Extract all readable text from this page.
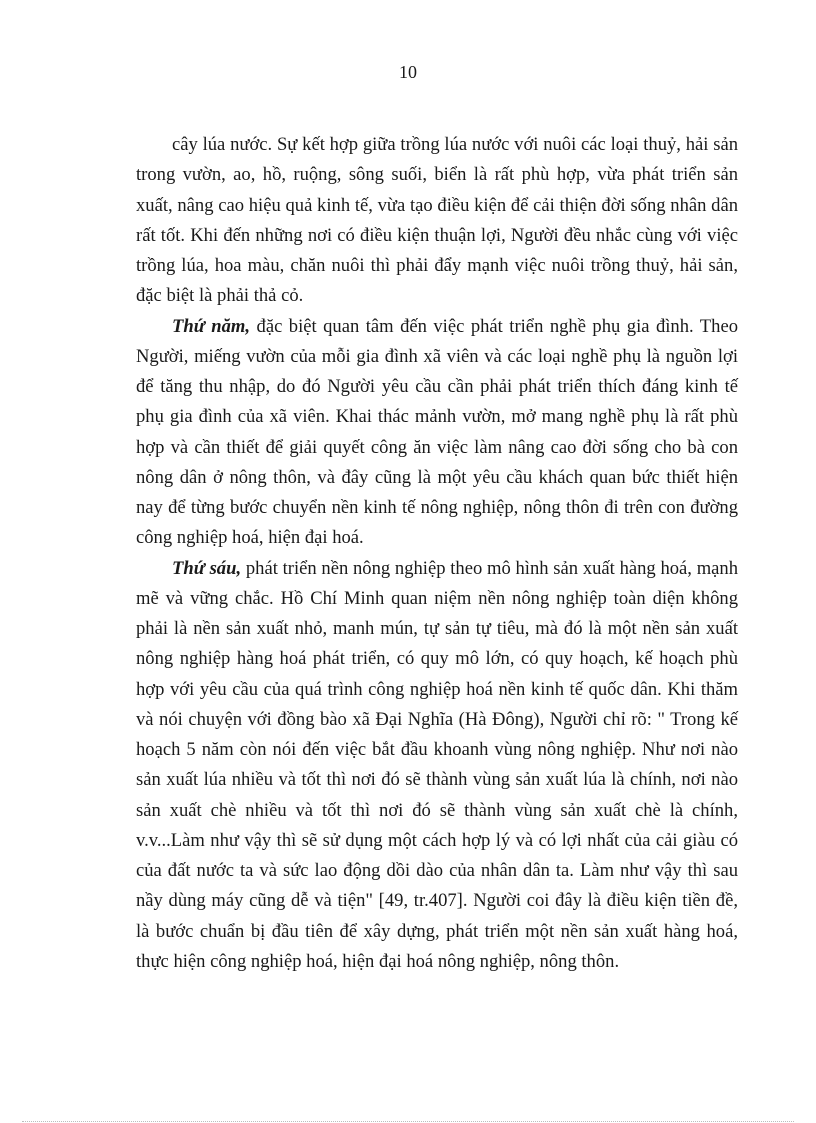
10

cây lúa nước. Sự kết hợp giữa trồng lúa nước với nuôi các loại thuỷ, hải sản trong vườn, ao, hồ, ruộng, sông suối, biển là rất phù hợp, vừa phát triển sản xuất, nâng cao hiệu quả kinh tế, vừa tạo điều kiện để cải thiện đời sống nhân dân rất tốt. Khi đến những nơi có điều kiện thuận lợi, Người đều nhắc cùng với việc trồng lúa, hoa màu, chăn nuôi thì phải đẩy mạnh việc nuôi trồng thuỷ, hải sản, đặc biệt là phải thả cỏ.

Thứ năm, đặc biệt quan tâm đến việc phát triển nghề phụ gia đình. Theo Người, miếng vườn của mỗi gia đình xã viên và các loại nghề phụ là nguồn lợi để tăng thu nhập, do đó Người yêu cầu cần phải phát triển thích đáng kinh tế phụ gia đình của xã viên. Khai thác mảnh vườn, mở mang nghề phụ là rất phù hợp và cần thiết để giải quyết công ăn việc làm nâng cao đời sống cho bà con nông dân ở nông thôn, và đây cũng là một yêu cầu khách quan bức thiết hiện nay để từng bước chuyển nền kinh tế nông nghiệp, nông thôn đi trên con đường công nghiệp hoá, hiện đại hoá.

Thứ sáu, phát triển nền nông nghiệp theo mô hình sản xuất hàng hoá, mạnh mẽ và vững chắc. Hồ Chí Minh quan niệm nền nông nghiệp toàn diện không phải là nền sản xuất nhỏ, manh mún, tự sản tự tiêu, mà đó là một nền sản xuất nông nghiệp hàng hoá phát triển, có quy mô lớn, có quy hoạch, kế hoạch phù hợp với yêu cầu của quá trình công nghiệp hoá nền kinh tế quốc dân. Khi thăm và nói chuyện với đồng bào xã Đại Nghĩa (Hà Đông), Người chỉ rõ: " Trong kế hoạch 5 năm còn nói đến việc bắt đầu khoanh vùng nông nghiệp. Như nơi nào sản xuất lúa nhiều và tốt thì nơi đó sẽ thành vùng sản xuất lúa là chính, nơi nào sản xuất chè nhiều và tốt thì nơi đó sẽ thành vùng sản xuất chè là chính, v.v...Làm như vậy thì sẽ sử dụng một cách hợp lý và có lợi nhất của cải giàu có của đất nước ta và sức lao động dồi dào của nhân dân ta. Làm như vậy thì sau nầy dùng máy cũng dễ và tiện" [49, tr.407]. Người coi đây là điều kiện tiền đề, là bước chuẩn bị đầu tiên để xây dựng, phát triển một nền sản xuất hàng hoá, thực hiện công nghiệp hoá, hiện đại hoá nông nghiệp, nông thôn.
